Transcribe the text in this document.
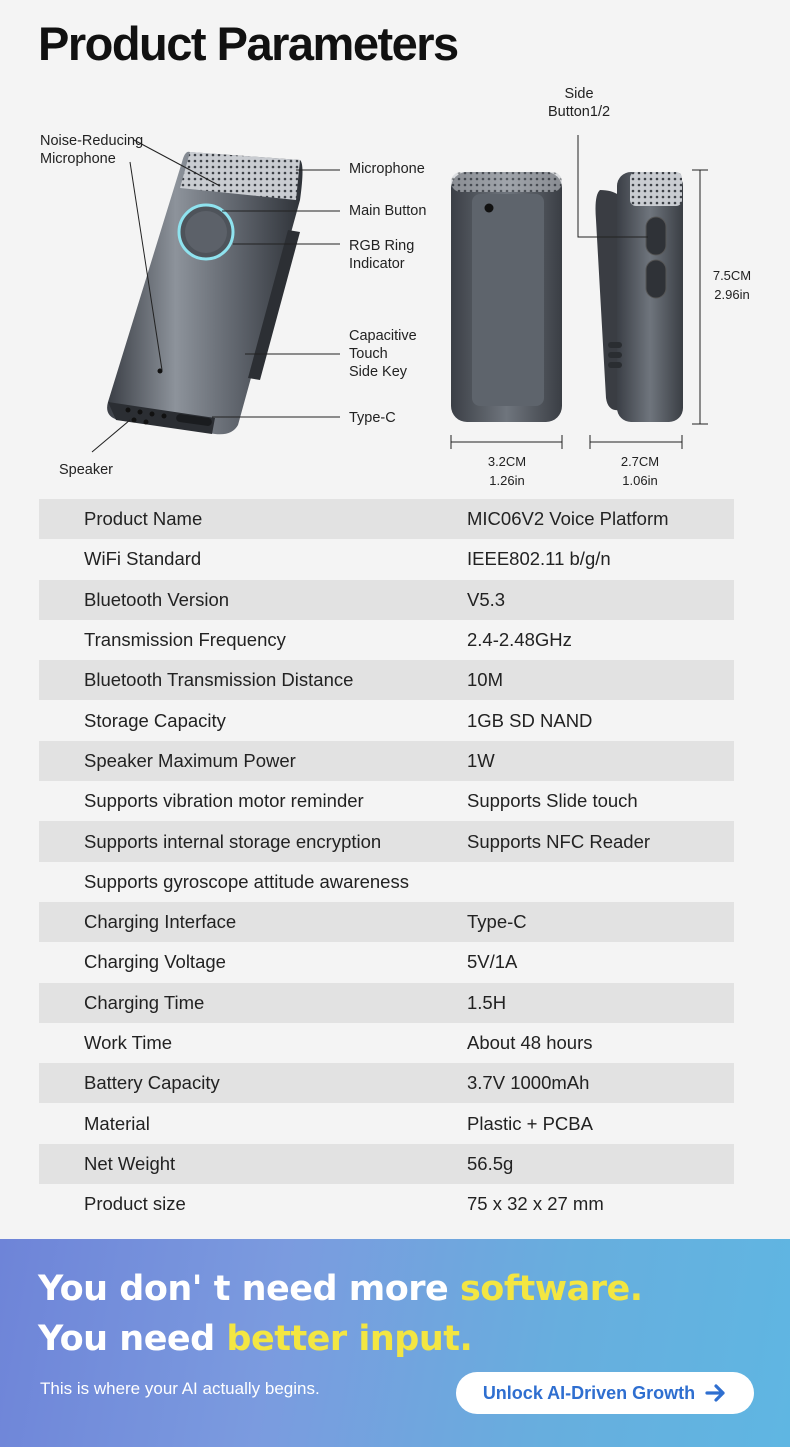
Product Parameters
Noise-Reducing
Microphone
Microphone
Main Button
RGB Ring
Indicator
Capacitive
Touch
Side Key
Type-C
Speaker
Side
Button1/2
7.5CM
2.96in
3.2CM
1.26in
2.7CM
1.06in
Product Name	MIC06V2 Voice Platform
WiFi Standard	IEEE802.11 b/g/n
Bluetooth Version	V5.3
Transmission Frequency	2.4-2.48GHz
Bluetooth Transmission Distance	10M
Storage Capacity	1GB SD NAND
Speaker Maximum Power	1W
Supports vibration motor reminder	Supports Slide touch
Supports internal storage encryption	Supports NFC Reader
Supports gyroscope attitude awareness
Charging Interface	Type-C
Charging Voltage	5V/1A
Charging Time	1.5H
Work Time	About 48 hours
Battery Capacity	3.7V 1000mAh
Material	Plastic + PCBA
Net Weight	56.5g
Product size	75 x 32 x 27 mm
You don' t need more software.
You need better input.
This is where your AI actually begins.	Unlock AI-Driven Growth
